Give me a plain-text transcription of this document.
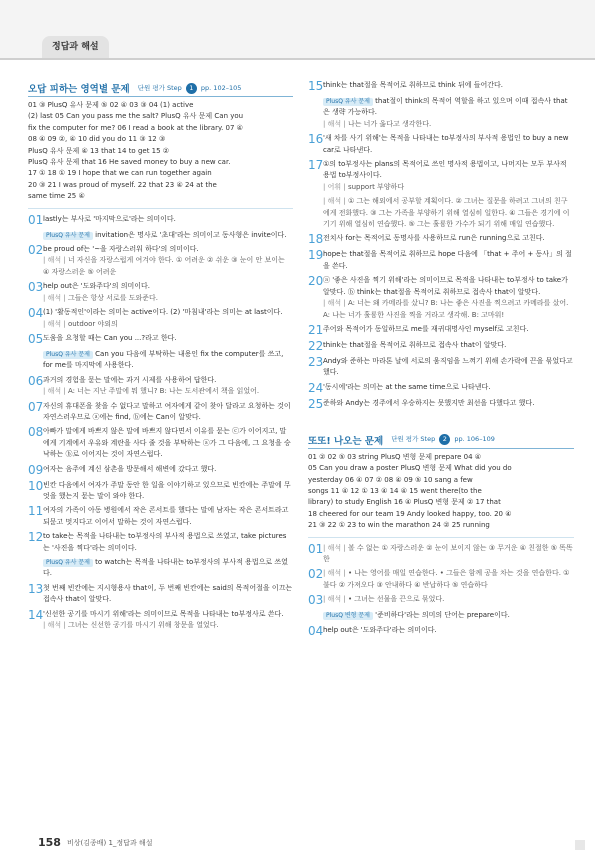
정답과 해설
오답 피하는 영역별 문제 단원 평가 Step 1 pp. 102–105
01 ③ PlusQ 유사 문제 ⑤ 02 ④ 03 ③ 04 (1) active
(2) last 05 Can you pass me the salt? PlusQ 유사 문제 Can you
fix the computer for me? 06 I read a book at the library. 07 ④
08 ④ 09 ②, ④ 10 did you do 11 ③ 12 ③
PlusQ 유사 문제 ④ 13 that 14 to get 15 ②
PlusQ 유사 문제 that 16 He saved money to buy a new car.
17 ① 18 ① 19 I hope that we can run together again
20 ③ 21 I was proud of myself. 22 that 23 ④ 24 at the
same time 25 ④
01 lastly는 부사로 '마지막으로'라는 의미이다.
PlusQ 유사 문제 invitation은 명사로 '초대'라는 의미이고 동사형은 invite이다.
02 be proud of는 '~을 자랑스러워 하다'의 의미이다.
| 해석 | 너 자신을 자랑스럽게 여겨야 한다. ① 어려운 ② 쉬운 ③ 눈이 안 보이는 ④ 자랑스러운 ⑤ 어려운
03 help out은 '도와주다'의 의미이다.
| 해석 | 그들은 항상 서로를 도와준다.
04 (1) '활동적인'이라는 의미는 active이다. (2) '마침내'라는 의미는 at last이다.
| 해석 | outdoor 야외의
05 도움을 요청할 때는 Can you ...?라고 한다.
PlusQ 유사 문제 Can you 다음에 부탁하는 내용인 fix the computer를 쓰고, for me를 마지막에 사용한다.
06 과거의 경험을 묻는 말에는 과거 시제를 사용하여 답한다.
| 해석 | A: 너는 지난 주말에 뭐 했니? B: 나는 도서관에서 책을 읽었어.
07 자신의 휴대폰을 찾을 수 없다고 말하고 여자에게 같이 찾아 달라고 요청하는 것이 자연스러우므로 ⓐ에는 find, ⓑ에는 Can이 알맞다.
08 아빠가 말에게 바쁘지 않은 말에 바쁘지 않다면서 이유를 묻는 ⓒ가 이어지고, 말에게 기계에서 우유와 계란을 사다 줄 것을 부탁하는 ⓐ가 그 다음에, 그 요청을 승낙하는 ⓑ로 이어지는 것이 자연스럽다.
09 여자는 음주에 계신 삼촌을 방문해서 해변에 갔다고 했다.
10 빈칸 다음에서 여자가 주말 동안 한 일을 이야기하고 있으므로 빈칸에는 주말에 무엇을 했는지 묻는 말이 와야 한다.
11 여자의 가족이 아동 병원에서 작은 콘서트를 했다는 말에 남자는 작은 콘서트라고 되묻고 멋지다고 이어서 말하는 것이 자연스럽다.
12 to take는 목적을 나타내는 to부정사의 부사적 용법으로 쓰였고, take pictures는 '사진을 찍다'라는 의미이다.
PlusQ 유사 문제 to watch는 목적을 나타내는 to부정사의 부사적 용법으로 쓰였다.
13 첫 번째 빈칸에는 지시형용사 that이, 두 번째 빈칸에는 said의 목적어절을 이끄는 접속사 that이 알맞다.
14 '신선한 공기를 마시기 위해'라는 의미이므로 목적을 나타내는 to부정사로 쓴다.
| 해석 | 그녀는 신선한 공기를 마시기 위해 창문을 열었다.
15 think는 that절을 목적어로 취하므로 think 뒤에 들어간다.
PlusQ 유사 문제 that절이 think의 목적어 역할을 하고 있으며 이때 접속사 that은 생략 가능하다.
| 해석 | 나는 너가 옳다고 생각한다.
16 '새 차를 사기 위해'는 목적을 나타내는 to부정사의 부사적 용법인 to buy a new car로 나타낸다.
17 ①의 to부정사는 plans의 목적어로 쓰인 명사적 용법이고, 나머지는 모두 부사적 용법 to부정사이다.
| 어휘 | support 부양하다
| 해석 | ① 그는 해외에서 공부할 계획이다. ② 그녀는 질문을 하려고 그녀의 친구에게 전화했다. ③ 그는 가족을 부양하기 위해 열심히 일한다. ④ 그들은 경기에 이기기 위해 열심히 연습했다. ⑤ 그는 훌륭한 가수가 되기 위해 매일 연습했다.
18 전치사 for는 목적어로 동명사를 사용하므로 run은 running으로 고친다.
19 hope는 that절을 목적어로 취하므로 hope 다음에 「that + 주어 + 동사」의 절을 쓴다.
20 ⓐ '좋은 사진을 찍기 위해'라는 의미이므로 목적을 나타내는 to부정사 to take가 알맞다. ⓑ think는 that절을 목적어로 취하므로 접속사 that이 알맞다.
| 해석 | A: 너는 왜 카메라를 샀니? B: 나는 좋은 사진을 찍으려고 카메라를 샀어. A: 나는 너가 훌륭한 사진을 찍을 거라고 생각해. B: 고마워!
21 주어와 목적어가 동일하므로 me를 재귀대명사인 myself로 고친다.
22 think는 that절을 목적어로 취하므로 접속사 that이 알맞다.
23 Andy와 준하는 마라톤 날에 서로의 움직임을 느껴기 위해 손가락에 끈을 묶었다고 했다.
24 '동시에'라는 의미는 at the same time으로 나타낸다.
25 준하와 Andy는 경주에서 우승하지는 못했지만 최선을 다했다고 했다.
또또! 나오는 문제 단원 평가 Step 2 pp. 106–109
01 ② 02 ⑤ 03 string PlusQ 변형 문제 prepare 04 ④
05 Can you draw a poster PlusQ 변형 문제 What did you do
yesterday 06 ④ 07 ② 08 ④ 09 ⑤ 10 sang a few
songs 11 ④ 12 ① 13 ④ 14 ④ 15 went there(to the
library) to study English 16 ④ PlusQ 변형 문제 ② 17 that
18 cheered for our team 19 Andy looked happy, too. 20 ④
21 ③ 22 ① 23 to win the marathon 24 ② 25 running
01 | 해석 | 볼 수 없는 ① 자랑스러운 ② 눈이 보이지 않는 ③ 무거운 ④ 친절한 ⑤ 똑똑한
02 | 해석 | • 나는 영어를 매일 연습한다. • 그들은 함께 공을 차는 것을 연습한다. ① 불다 ② 가져오다 ③ 안내하다 ④ 반납하다 ⑤ 연습하다
03 | 해석 | • 그녀는 선물을 끈으로 묶었다.
PlusQ 변형 문제 '준비하다'라는 의미의 단어는 prepare이다.
04 help out은 '도와주다'라는 의미이다.
158 비상(김종배) 1_정답과 해설
